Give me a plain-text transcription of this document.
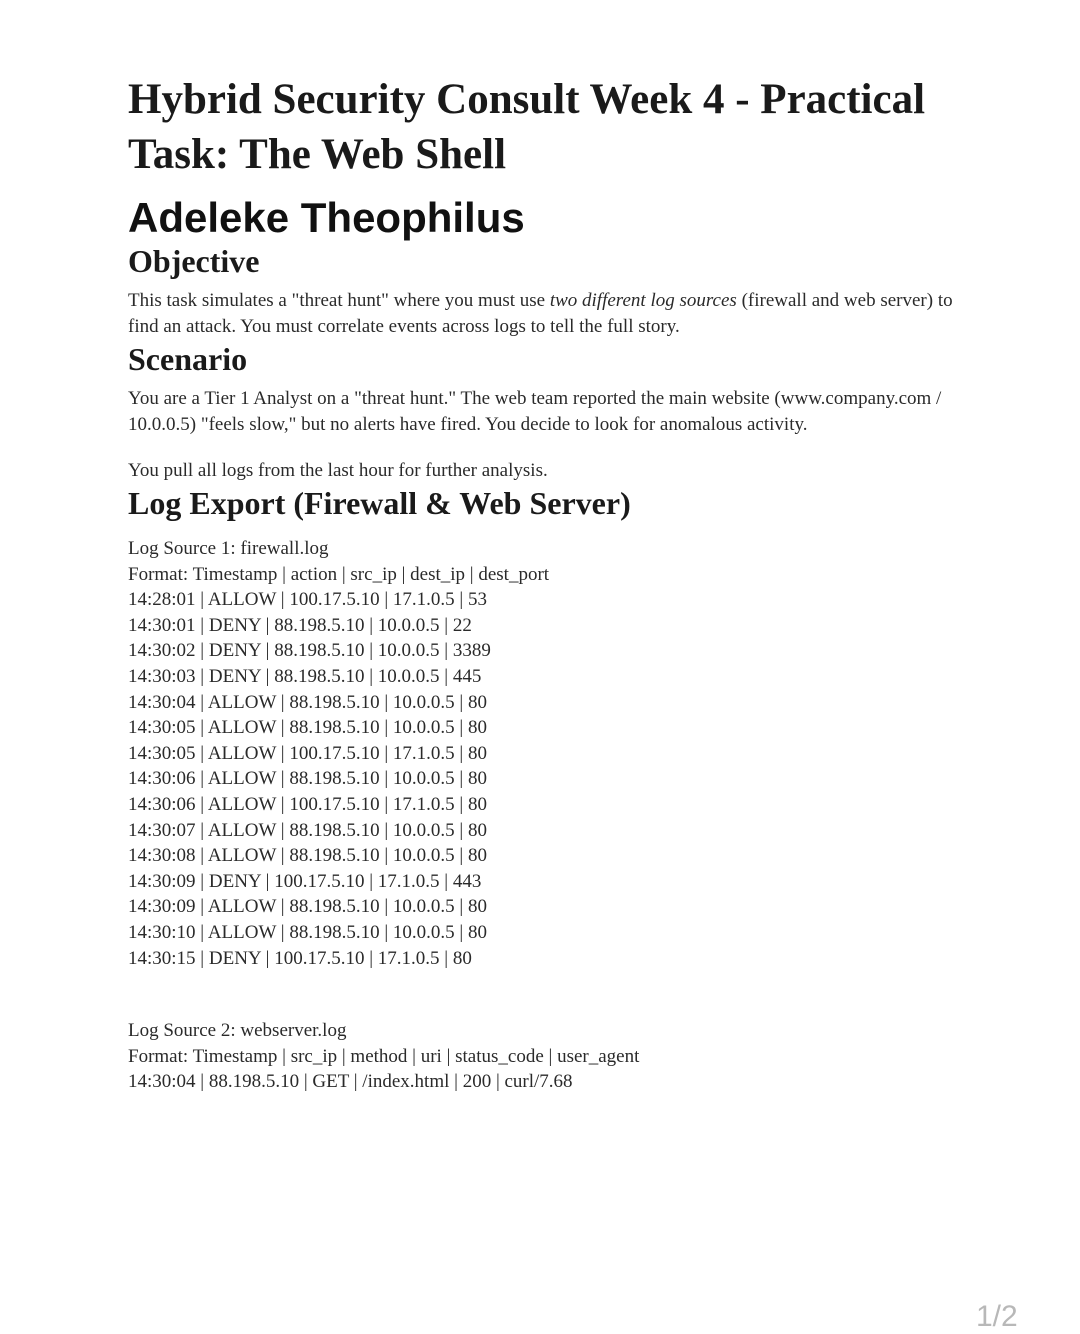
Hybrid Security Consult Week 4 - Practical Task: The Web Shell
Adeleke Theophilus
Objective

This task simulates a "threat hunt" where you must use two different log sources (firewall and web server) to find an attack. You must correlate events across logs to tell the full story.

Scenario

You are a Tier 1 Analyst on a "threat hunt." The web team reported the main website (www.company.com / 10.0.0.5) "feels slow," but no alerts have fired. You decide to look for anomalous activity.

You pull all logs from the last hour for further analysis.

Log Export (Firewall & Web Server)
Log Source 1: firewall.log
Format: Timestamp | action | src_ip | dest_ip | dest_port
14:28:01 | ALLOW | 100.17.5.10 | 17.1.0.5 | 53
14:30:01 | DENY | 88.198.5.10 | 10.0.0.5 | 22
14:30:02 | DENY | 88.198.5.10 | 10.0.0.5 | 3389
14:30:03 | DENY | 88.198.5.10 | 10.0.0.5 | 445
14:30:04 | ALLOW | 88.198.5.10 | 10.0.0.5 | 80
14:30:05 | ALLOW | 88.198.5.10 | 10.0.0.5 | 80
14:30:05 | ALLOW | 100.17.5.10 | 17.1.0.5 | 80
14:30:06 | ALLOW | 88.198.5.10 | 10.0.0.5 | 80
14:30:06 | ALLOW | 100.17.5.10 | 17.1.0.5 | 80
14:30:07 | ALLOW | 88.198.5.10 | 10.0.0.5 | 80
14:30:08 | ALLOW | 88.198.5.10 | 10.0.0.5 | 80
14:30:09 | DENY | 100.17.5.10 | 17.1.0.5 | 443
14:30:09 | ALLOW | 88.198.5.10 | 10.0.0.5 | 80
14:30:10 | ALLOW | 88.198.5.10 | 10.0.0.5 | 80
14:30:15 | DENY | 100.17.5.10 | 17.1.0.5 | 80
Log Source 2: webserver.log
Format: Timestamp | src_ip | method | uri | status_code | user_agent
14:30:04 | 88.198.5.10 | GET | /index.html | 200 | curl/7.68
1/2
